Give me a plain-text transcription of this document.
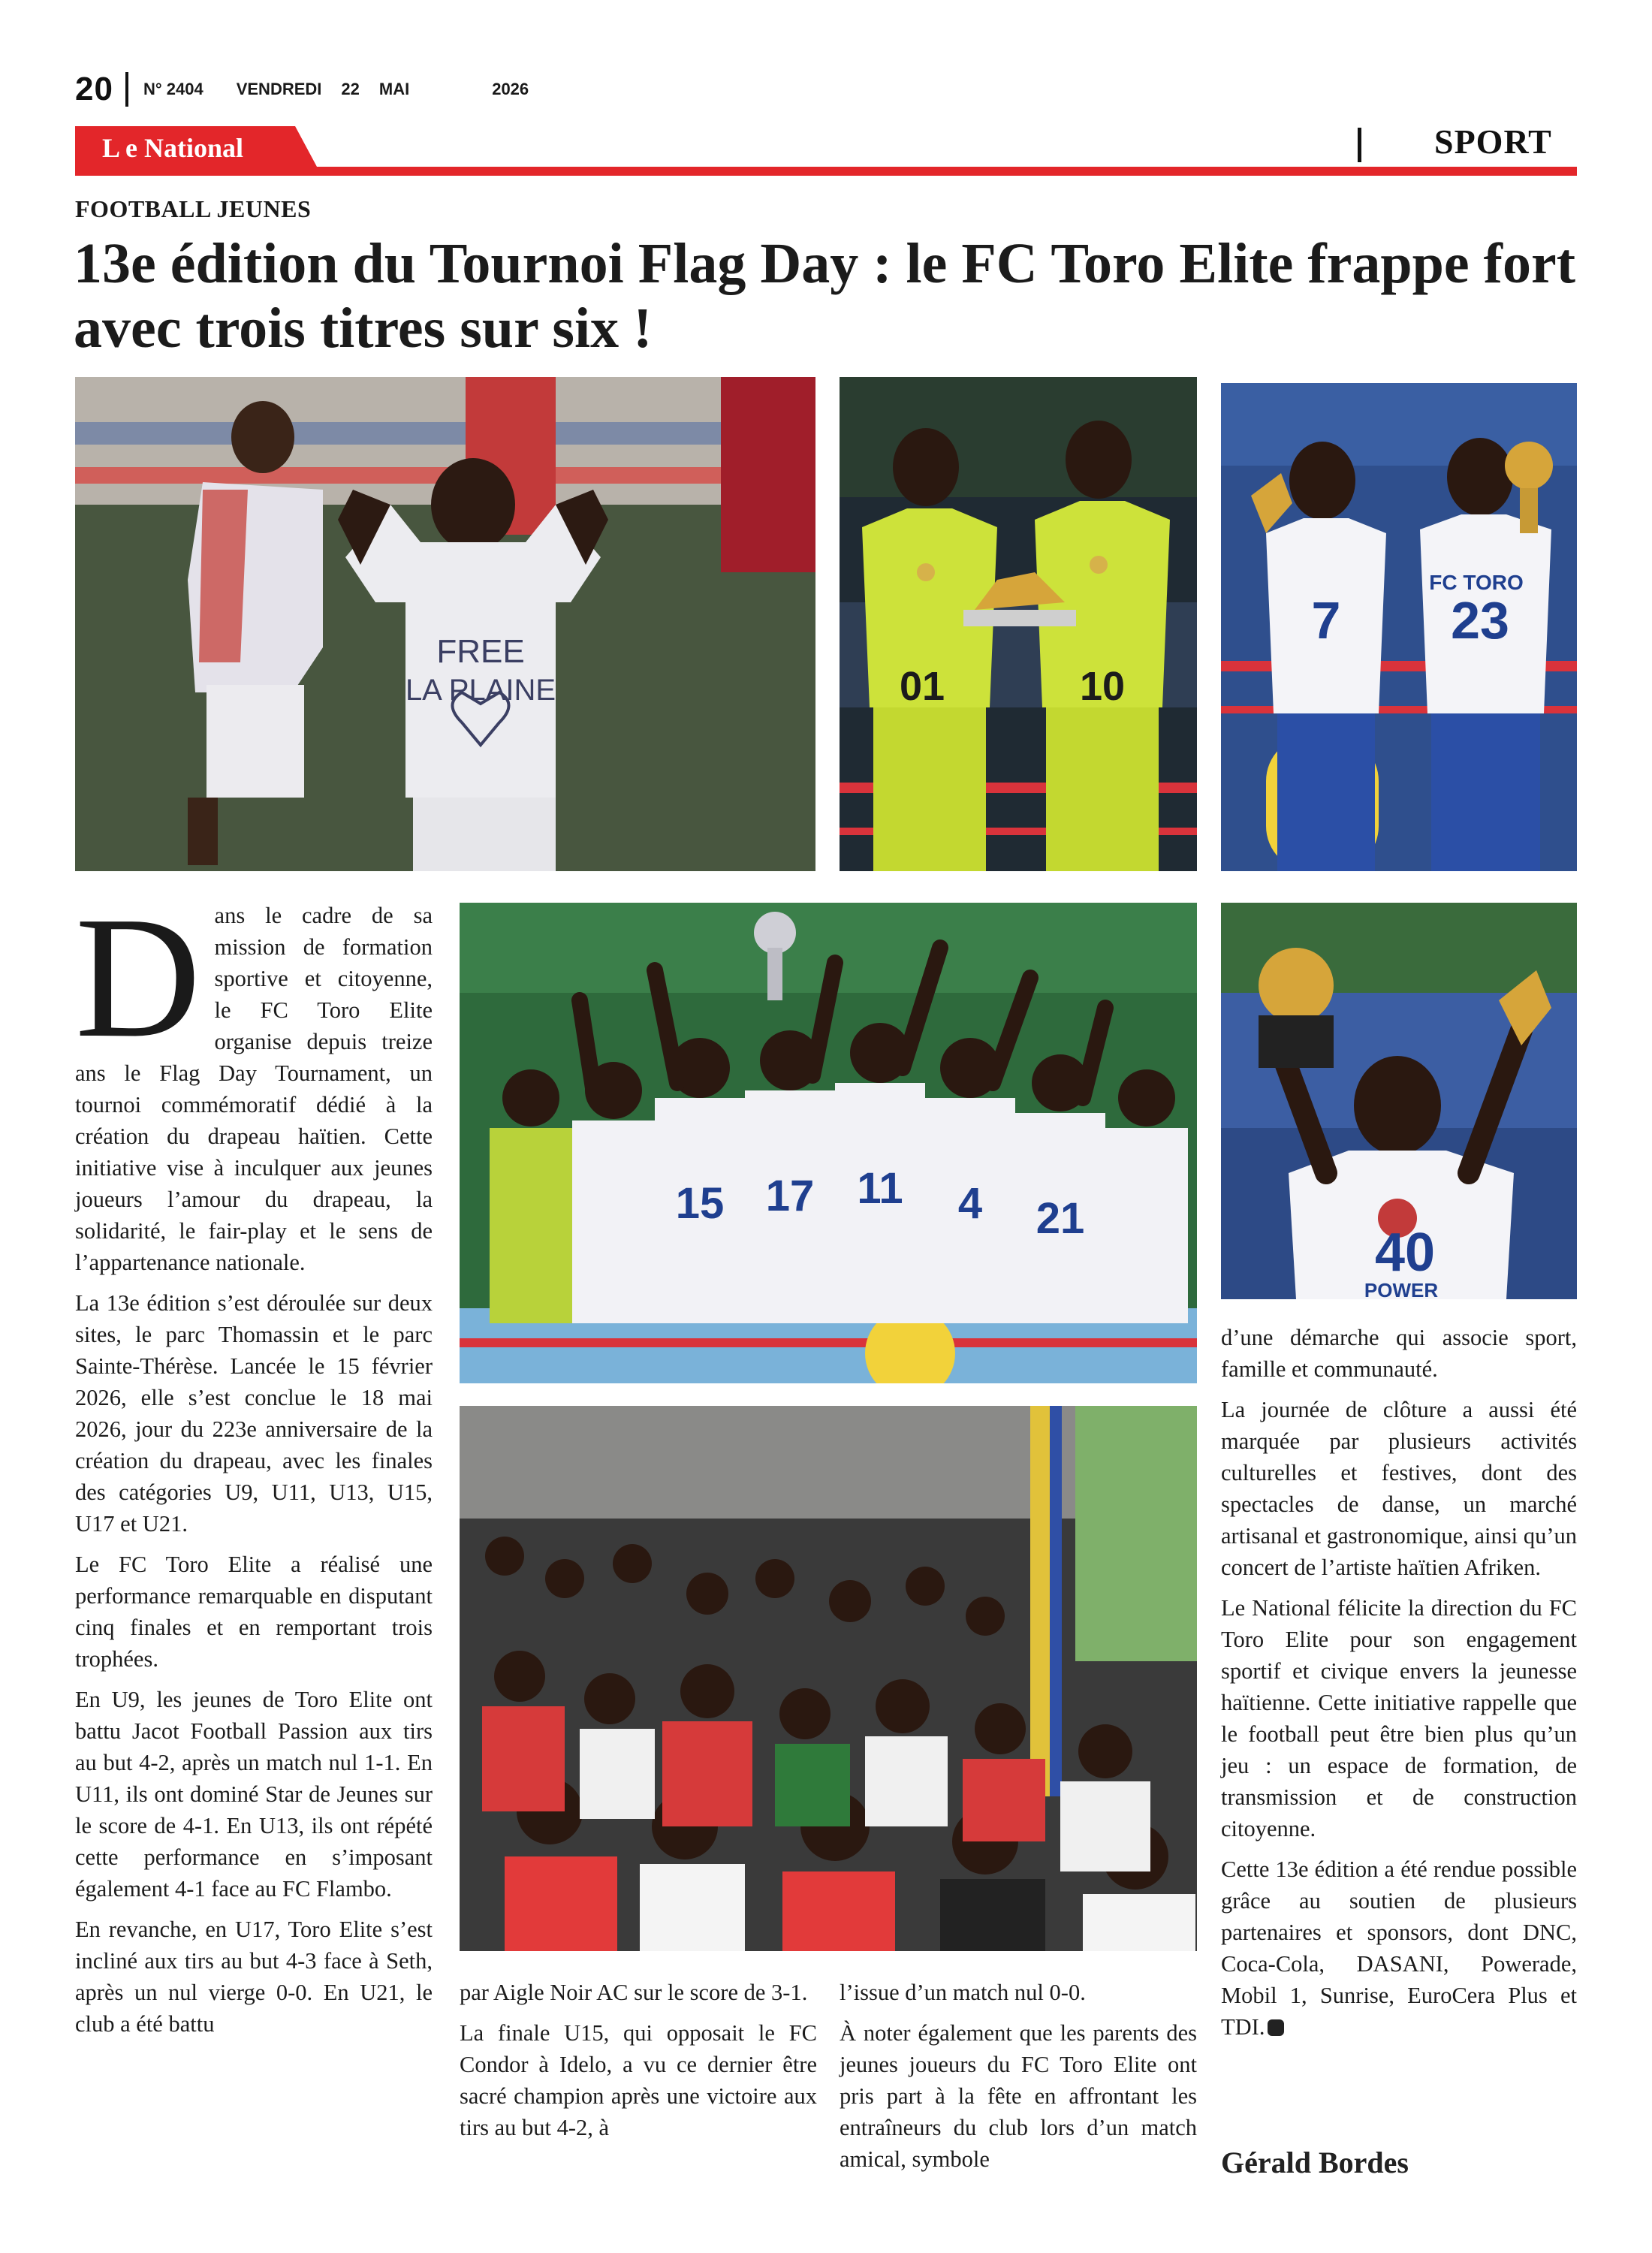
20 N° 2404 VENDREDI 22 MAI	2026
L e National	SPORT
FOOTBALL JEUNES
13e édition du Tournoi Flag Day : le FC Toro Elite frappe fort avec trois titres sur six !
FREE
LA PLAINE	01	10
FC TORO
7 23
15 17 11 4 21
40
POWER
D ans le cadre de sa mission de formation sportive et citoyenne, le FC Toro Elite organise depuis treize ans le Flag Day Tournament, un tournoi commémoratif dédié à la création du drapeau haïtien. Cette initiative vise à inculquer aux jeunes joueurs l’amour du drapeau, la solidarité, le fair-play et le sens de l’appartenance nationale.

La 13e édition s’est déroulée sur deux sites, le parc Thomassin et le parc Sainte-Thérèse. Lancée le 15 février 2026, elle s’est conclue le 18 mai 2026, jour du 223e anniversaire de la création du drapeau, avec les finales des catégories U9, U11, U13, U15, U17 et U21.

Le FC Toro Elite a réalisé une performance remarquable en disputant cinq finales et en remportant trois trophées.

En U9, les jeunes de Toro Elite ont battu Jacot Football Passion aux tirs au but 4-2, après un match nul 1-1. En U11, ils ont dominé Star de Jeunes sur le score de 4-1. En U13, ils ont répété cette performance en s’imposant également 4-1 face au FC Flambo.

En revanche, en U17, Toro Elite s’est incliné aux tirs au but 4-3 face à Seth, après un nul vierge 0-0. En U21, le club a été battu

par Aigle Noir AC sur le score de 3-1.

La finale U15, qui opposait le FC Condor à Idelo, a vu ce dernier être sacré champion après une victoire aux tirs au but 4-2, à

l’issue d’un match nul 0-0.

À noter également que les parents des jeunes joueurs du FC Toro Elite ont pris part à la fête en affrontant les entraîneurs du club lors d’un match amical, symbole

d’une démarche qui associe sport, famille et communauté.

La journée de clôture a aussi été marquée par plusieurs activités culturelles et festives, dont des spectacles de danse, un marché artisanal et gastronomique, ainsi qu’un concert de l’artiste haïtien Afriken.

Le National félicite la direction du FC Toro Elite pour son engagement sportif et civique envers la jeunesse haïtienne. Cette initiative rappelle que le football peut être bien plus qu’un jeu : un espace de formation, de transmission et de construction citoyenne.

Cette 13e édition a été rendue possible grâce au soutien de plusieurs partenaires et sponsors, dont DNC, Coca-Cola, DASANI, Powerade, Mobil 1, Sunrise, EuroCera Plus et TDI.

Gérald Bordes
